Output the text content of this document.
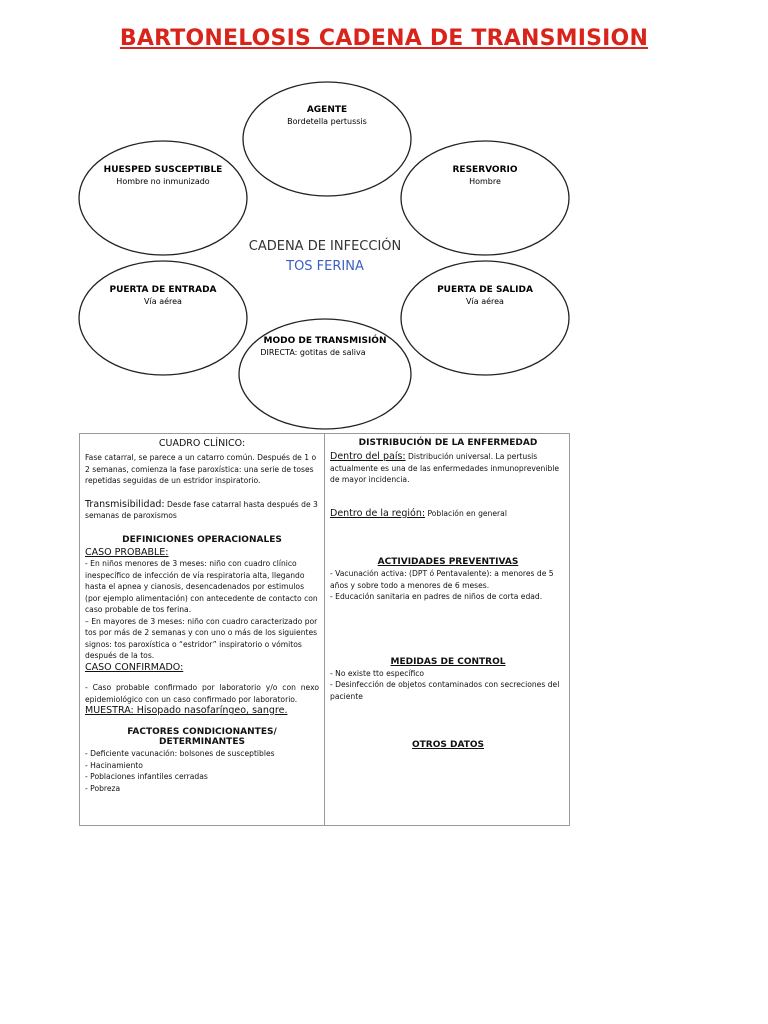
BARTONELOSIS CADENA DE TRANSMISION
AGENTE
Bordetella pertussis
HUESPED SUSCEPTIBLE
Hombre no inmunizado
RESERVORIO
Hombre
PUERTA DE ENTRADA
Vía aérea
PUERTA DE SALIDA
Vía aérea
MODO DE TRANSMISIÓN
DIRECTA: gotitas de saliva
CADENA DE INFECCIÓN
TOS FERINA

CUADRO CLÍNICO:

Fase catarral, se parece a un catarro común. Después de 1 o 2 semanas, comienza la fase paroxística: una serie de toses repetidas seguidas de un estridor inspiratorio.

Transmisibilidad: Desde fase catarral hasta después de 3 semanas de paroxismos

DEFINICIONES OPERACIONALES

CASO PROBABLE:

- En niños menores de 3 meses: niño con cuadro clínico inespecífico de infección de vía respiratoria alta, llegando hasta el apnea y cianosis, desencadenados por estimulos (por ejemplo alimentación) con antecedente de contacto con caso probable de tos ferina.

– En mayores de 3 meses: niño con cuadro caracterizado por tos por más de 2 semanas y con uno o más de los siguientes signos: tos paroxística o “estridor” inspiratorio o vómitos después de la tos.

CASO CONFIRMADO:

- Caso probable confirmado por laboratorio y/o con nexo epidemiológico con un caso confirmado por laboratorio.

MUESTRA: Hisopado nasofaríngeo, sangre.

FACTORES CONDICIONANTES/ DETERMINANTES

- Deficiente vacunación: bolsones de susceptibles

- Hacinamiento

- Poblaciones infantiles cerradas

- Pobreza

DISTRIBUCIÓN DE LA ENFERMEDAD

Dentro del país: Distribución universal. La pertusis actualmente es una de las enfermedades inmunoprevenible de mayor incidencia.

Dentro de la región: Población en general

ACTIVIDADES PREVENTIVAS

- Vacunación activa: (DPT ó Pentavalente): a menores de 5 años y sobre todo a menores de 6 meses.

- Educación sanitaria en padres de niños de corta edad.

MEDIDAS DE CONTROL

- No existe tto específico

- Desinfección de objetos contaminados con secreciones del paciente

OTROS DATOS
